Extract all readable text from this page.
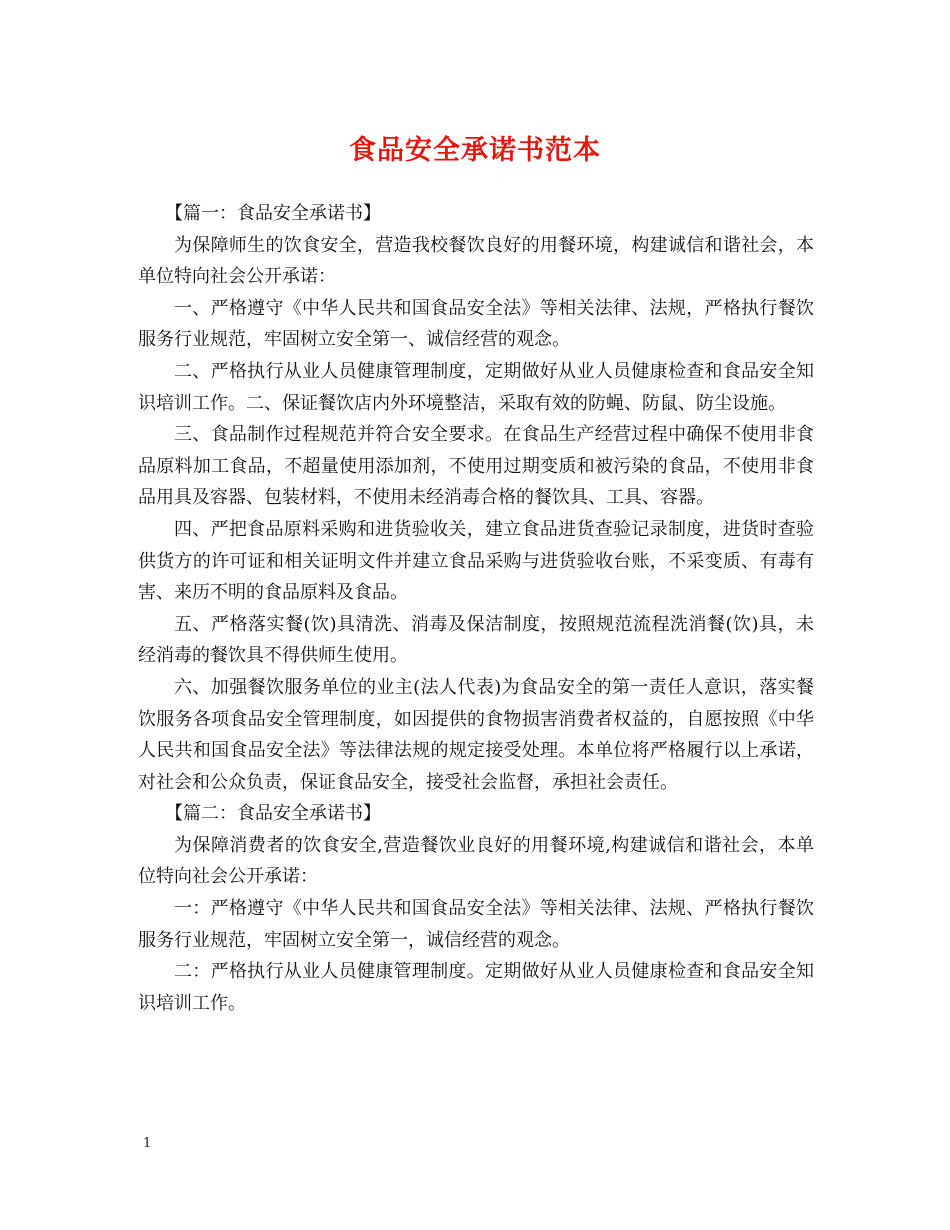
食品安全承诺书范本

【篇一：食品安全承诺书】

为保障师生的饮食安全，营造我校餐饮良好的用餐环境，构建诚信和谐社会，本单位特向社会公开承诺：

一、严格遵守《中华人民共和国食品安全法》等相关法律、法规，严格执行餐饮服务行业规范，牢固树立安全第一、诚信经营的观念。

二、严格执行从业人员健康管理制度，定期做好从业人员健康检查和食品安全知识培训工作。二、保证餐饮店内外环境整洁，采取有效的防蝇、防鼠、防尘设施。

三、食品制作过程规范并符合安全要求。在食品生产经营过程中确保不使用非食品原料加工食品，不超量使用添加剂，不使用过期变质和被污染的食品，不使用非食品用具及容器、包装材料，不使用未经消毒合格的餐饮具、工具、容器。

四、严把食品原料采购和进货验收关，建立食品进货查验记录制度，进货时查验供货方的许可证和相关证明文件并建立食品采购与进货验收台账，不采变质、有毒有害、来历不明的食品原料及食品。

五、严格落实餐(饮)具清洗、消毒及保洁制度，按照规范流程洗消餐(饮)具，未经消毒的餐饮具不得供师生使用。

六、加强餐饮服务单位的业主(法人代表)为食品安全的第一责任人意识，落实餐饮服务各项食品安全管理制度，如因提供的食物损害消费者权益的，自愿按照《中华人民共和国食品安全法》等法律法规的规定接受处理。本单位将严格履行以上承诺，对社会和公众负责，保证食品安全，接受社会监督，承担社会责任。

【篇二：食品安全承诺书】

为保障消费者的饮食安全,营造餐饮业良好的用餐环境,构建诚信和谐社会，本单位特向社会公开承诺：

一：严格遵守《中华人民共和国食品安全法》等相关法律、法规、严格执行餐饮服务行业规范，牢固树立安全第一，诚信经营的观念。

二：严格执行从业人员健康管理制度。定期做好从业人员健康检查和食品安全知识培训工作。

1
